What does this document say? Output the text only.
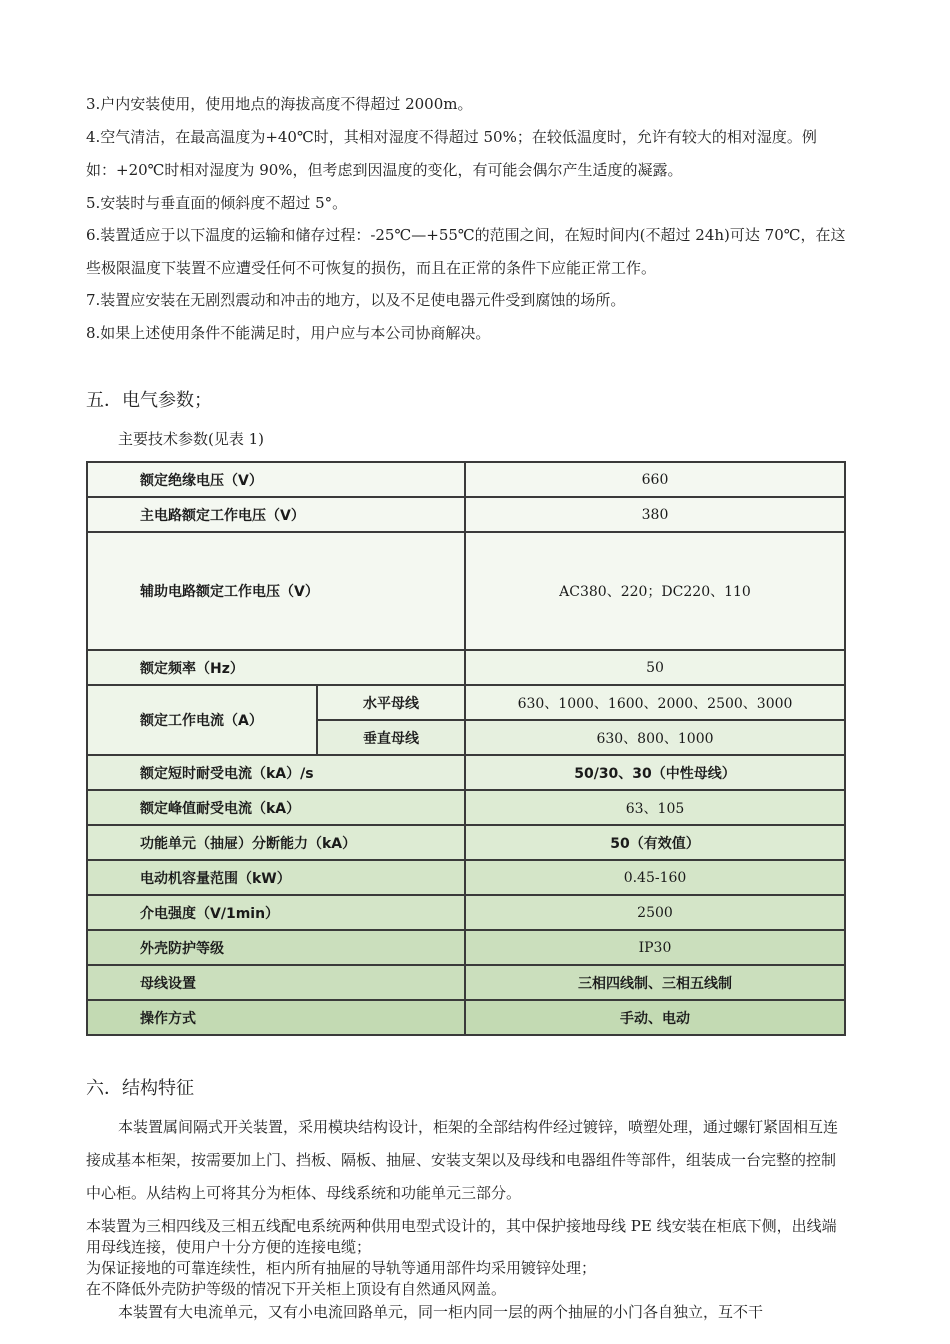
3.户内安装使用，使用地点的海拔高度不得超过 2000m。

4.空气清洁，在最高温度为+40℃时，其相对湿度不得超过 50%；在较低温度时，允许有较大的相对湿度。例如：+20℃时相对湿度为 90%，但考虑到因温度的变化，有可能会偶尔产生适度的凝露。

5.安装时与垂直面的倾斜度不超过 5°。

6.装置适应于以下温度的运输和储存过程：-25℃—+55℃的范围之间，在短时间内(不超过 24h)可达 70℃，在这些极限温度下装置不应遭受任何不可恢复的损伤，而且在正常的条件下应能正常工作。

7.装置应安装在无剧烈震动和冲击的地方，以及不足使电器元件受到腐蚀的场所。

8.如果上述使用条件不能满足时，用户应与本公司协商解决。

五．电气参数；

主要技术参数(见表 1)

额定绝缘电压（V）		660
主电路额定工作电压（V）		380
辅助电路额定工作电压（V）		AC380、220；DC220、110
额定频率（Hz）		50
额定工作电流（A）	水平母线	630、1000、1600、2000、2500、3000
	垂直母线	630、800、1000
额定短时耐受电流（kA）/s		50/30、30（中性母线）
额定峰值耐受电流（kA）		63、105
功能单元（抽屉）分断能力（kA）		50（有效值）
电动机容量范围（kW）		0.45-160
介电强度（V/1min）		2500
外壳防护等级		IP30
母线设置		三相四线制、三相五线制
操作方式		手动、电动
六．结构特征

本装置属间隔式开关装置，采用模块结构设计，柜架的全部结构件经过镀锌，喷塑处理，通过螺钉紧固相互连接成基本柜架，按需要加上门、挡板、隔板、抽屉、安装支架以及母线和电器组件等部件，组装成一台完整的控制中心柜。从结构上可将其分为柜体、母线系统和功能单元三部分。

本装置为三相四线及三相五线配电系统两种供用电型式设计的，其中保护接地母线 PE 线安装在柜底下侧，出线端用母线连接，使用户十分方便的连接电缆；

为保证接地的可靠连续性，柜内所有抽屉的导轨等通用部件均采用镀锌处理；

在不降低外壳防护等级的情况下开关柜上顶设有自然通风网盖。

本装置有大电流单元，又有小电流回路单元，同一柜内同一层的两个抽屉的小门各自独立，互不干
